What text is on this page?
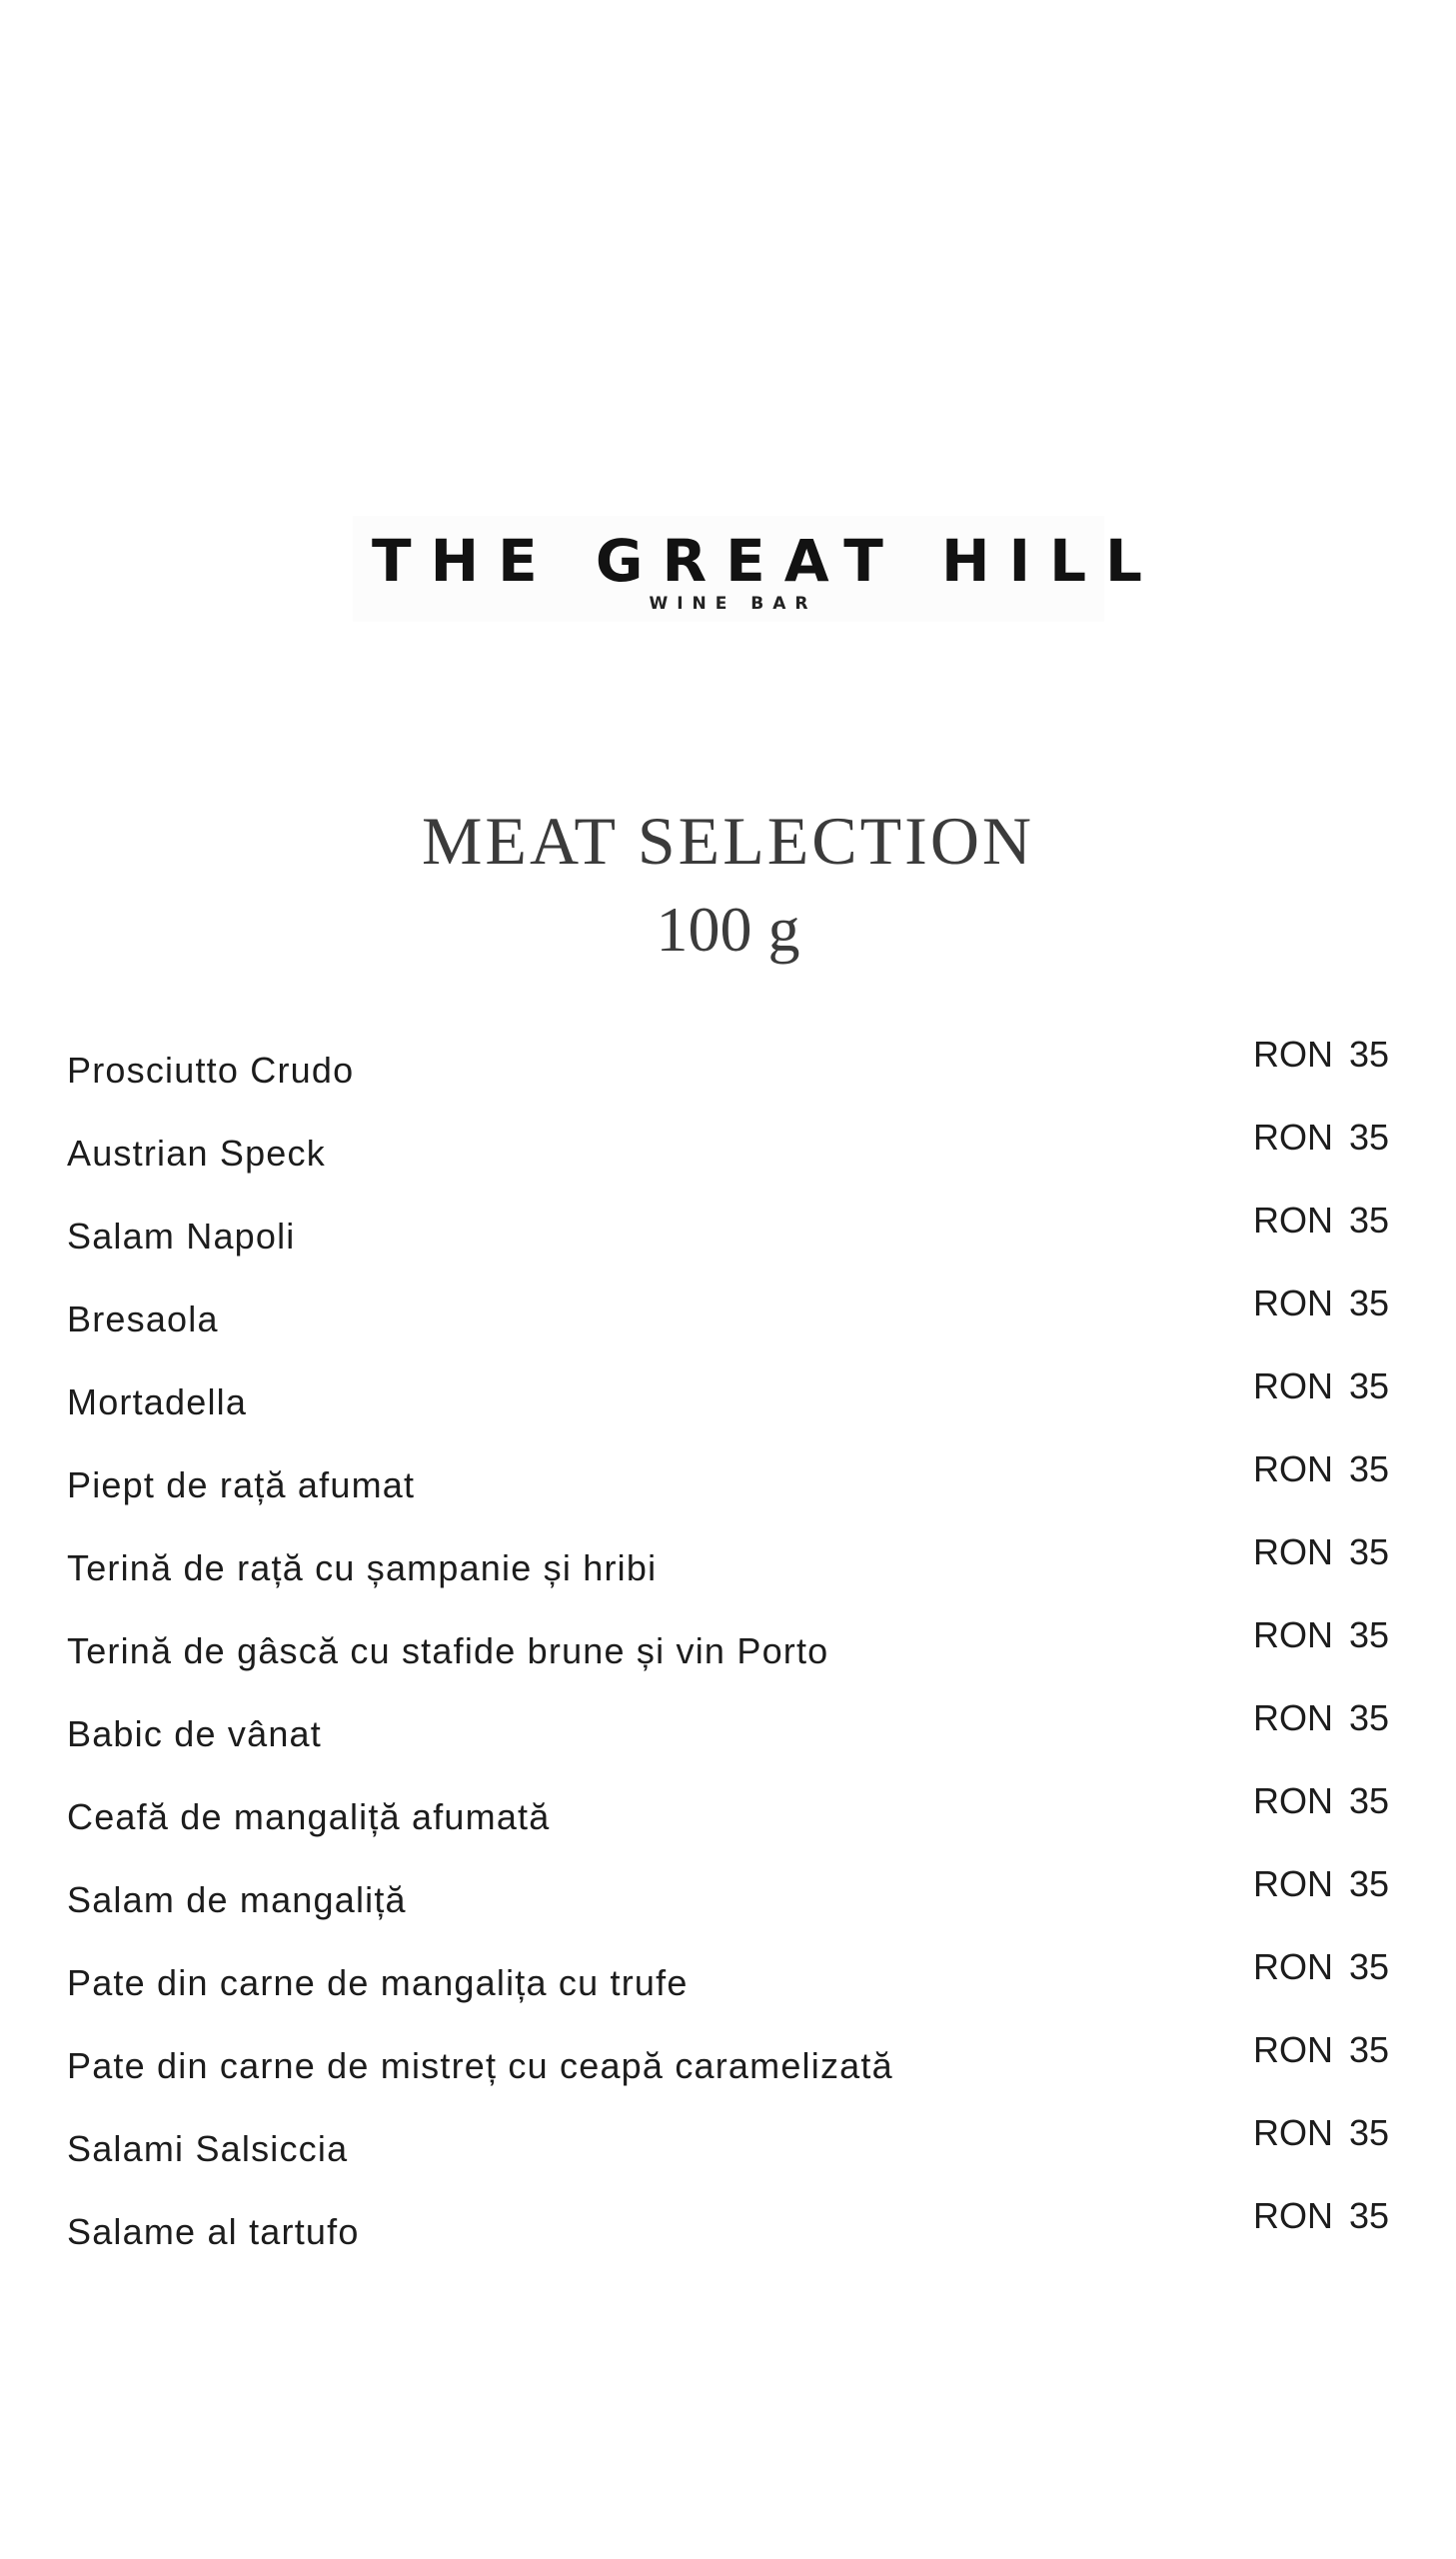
THE GREAT HILL
WINE BAR
MEAT SELECTION
100 g
Prosciutto Crudo	RON 35
Austrian Speck	RON 35
Salam Napoli	RON 35
Bresaola	RON 35
Mortadella	RON 35
Piept de rață afumat	RON 35
Terină de rață cu șampanie și hribi	RON 35
Terină de gâscă cu stafide brune și vin Porto	RON 35
Babic de vânat	RON 35
Ceafă de mangaliță afumată	RON 35
Salam de mangaliță	RON 35
Pate din carne de mangalița cu trufe	RON 35
Pate din carne de mistreț cu ceapă caramelizată	RON 35
Salami Salsiccia	RON 35
Salame al tartufo	RON 35
